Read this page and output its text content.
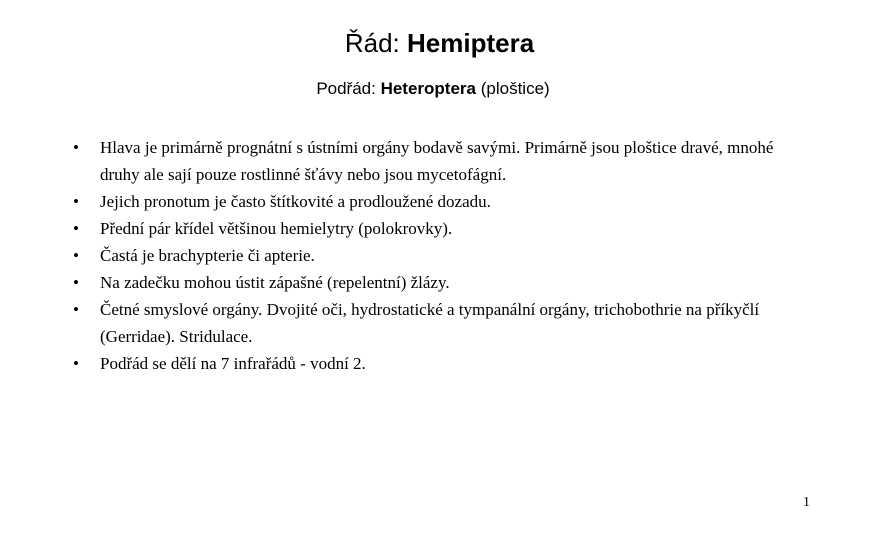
Řád: Hemiptera
Podřád: Heteroptera (ploštice)
• Hlava je primárně prognátní s ústními orgány bodavě savými. Primárně jsou ploštice dravé, mnohé druhy ale sají pouze rostlinné šťávy nebo jsou mycetofágní.
• Jejich pronotum je často štítkovité a prodloužené dozadu.
• Přední pár křídel většinou hemielytry (polokrovky).
• Častá je brachypterie či apterie.
• Na zadečku mohou ústit zápašné (repelentní) žlázy.
• Četné smyslové orgány. Dvojité oči, hydrostatické a tympanální orgány, trichobothrie na příkyčlí (Gerridae). Stridulace.
• Podřád se dělí na 7 infrařádů - vodní 2.
1
